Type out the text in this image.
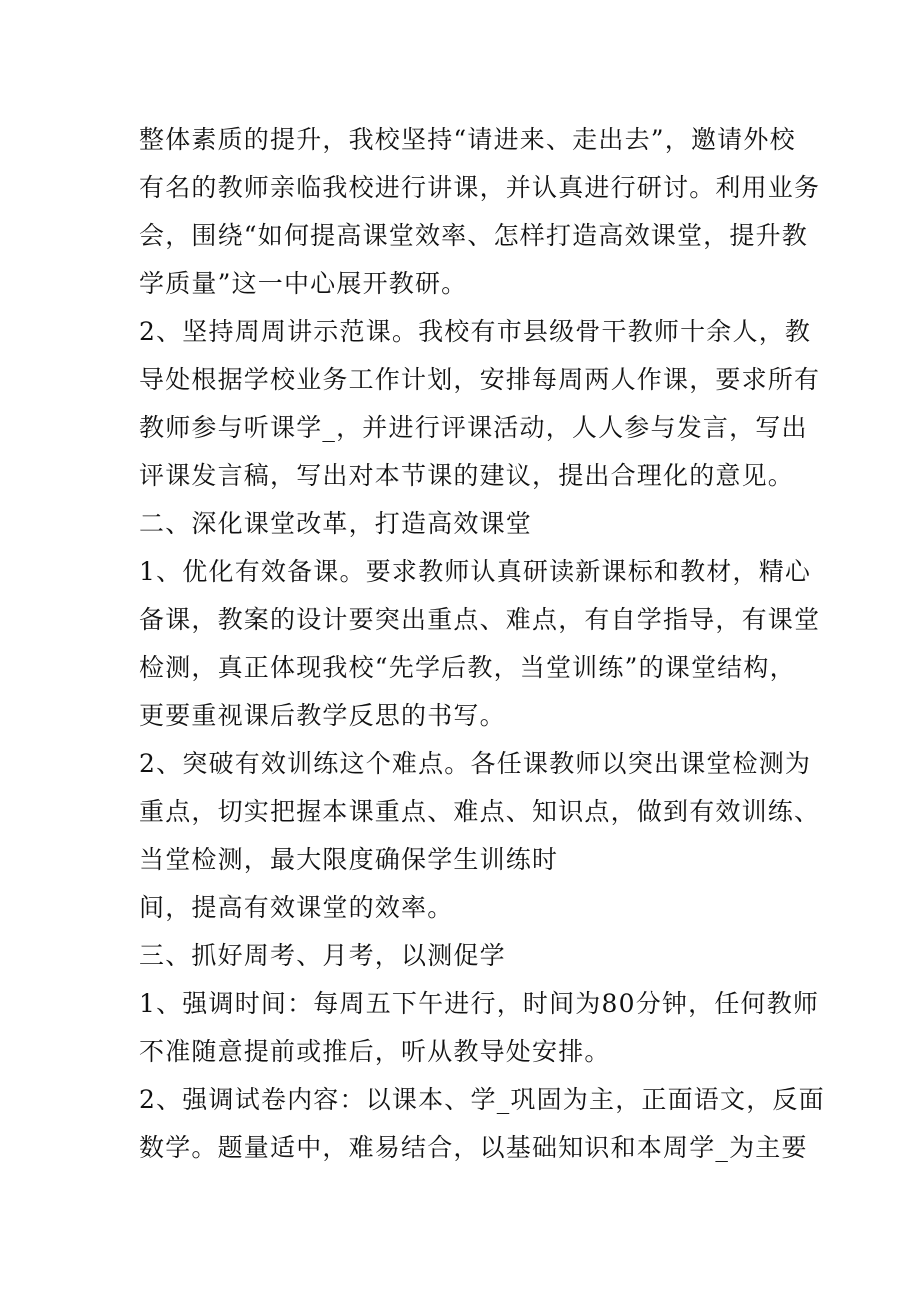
整体素质的提升，我校坚持“请进来、走出去”，邀请外校
有名的教师亲临我校进行讲课，并认真进行研讨。利用业务
会，围绕“如何提高课堂效率、怎样打造高效课堂，提升教
学质量”这一中心展开教研。
2、坚持周周讲示范课。我校有市县级骨干教师十余人，教
导处根据学校业务工作计划，安排每周两人作课，要求所有
教师参与听课学_，并进行评课活动，人人参与发言，写出
评课发言稿，写出对本节课的建议，提出合理化的意见。
二、深化课堂改革，打造高效课堂
1、优化有效备课。要求教师认真研读新课标和教材，精心
备课，教案的设计要突出重点、难点，有自学指导，有课堂
检测，真正体现我校“先学后教，当堂训练”的课堂结构，
更要重视课后教学反思的书写。
2、突破有效训练这个难点。各任课教师以突出课堂检测为
重点，切实把握本课重点、难点、知识点，做到有效训练、
当堂检测，最大限度确保学生训练时
间，提高有效课堂的效率。
三、抓好周考、月考，以测促学
1、强调时间：每周五下午进行，时间为80分钟，任何教师
不准随意提前或推后，听从教导处安排。
2、强调试卷内容：以课本、学_巩固为主，正面语文，反面
数学。题量适中，难易结合，以基础知识和本周学_为主要
